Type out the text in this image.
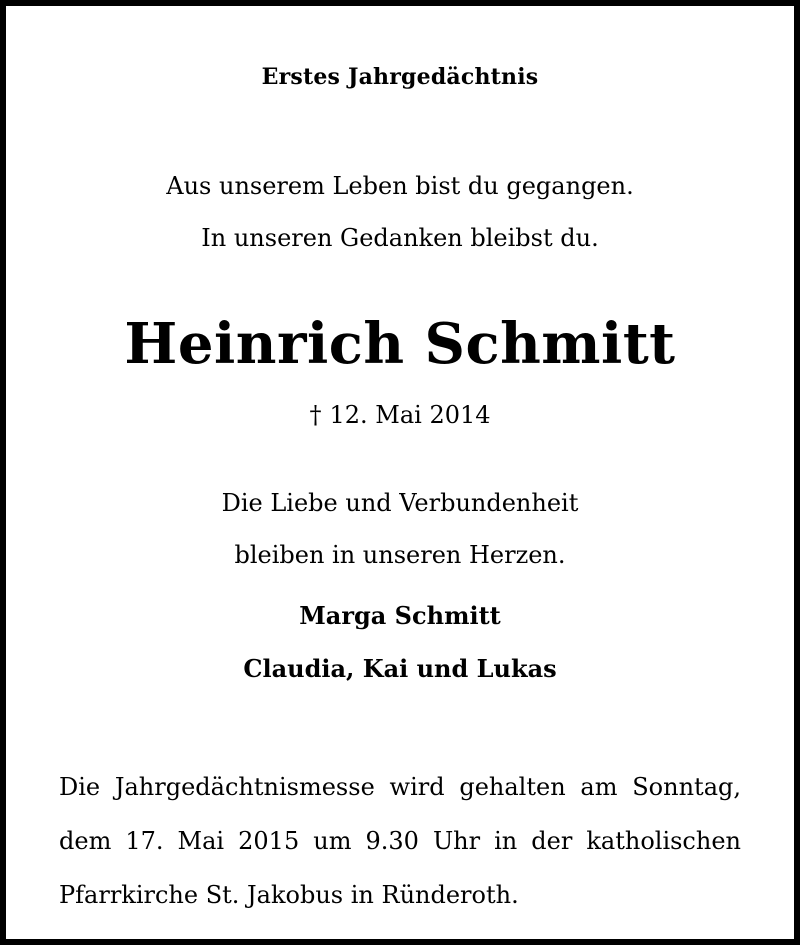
Erstes Jahrgedächtnis

Aus unserem Leben bist du gegangen.

In unseren Gedanken bleibst du.

Heinrich Schmitt

† 12. Mai 2014

Die Liebe und Verbundenheit

bleiben in unseren Herzen.

Marga Schmitt

Claudia, Kai und Lukas

Die Jahrgedächtnismesse wird gehalten am Sonntag, dem 17. Mai 2015 um 9.30 Uhr in der katholischen Pfarrkirche St. Jakobus in Ründeroth.
